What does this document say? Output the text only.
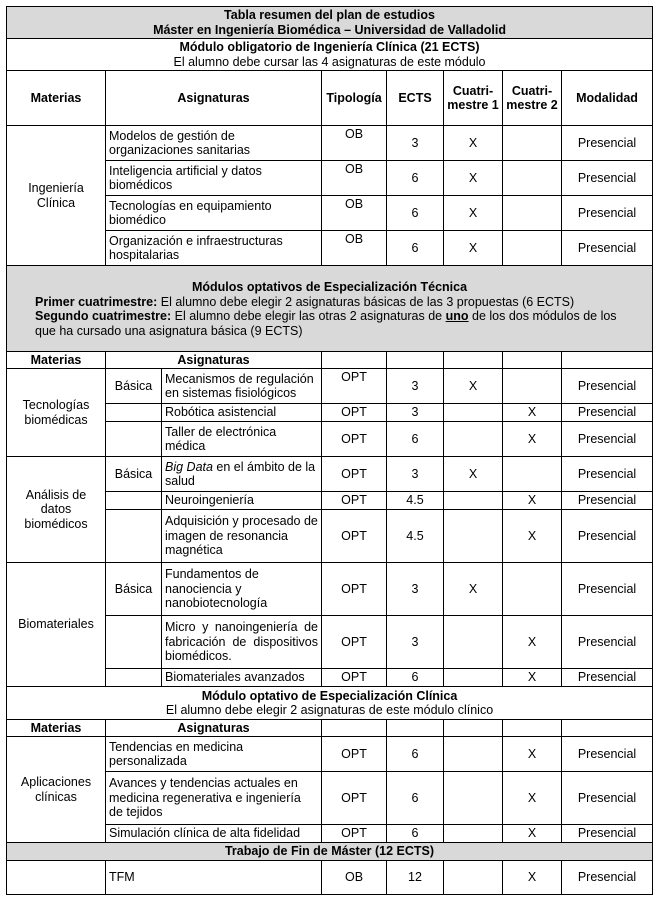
Tabla resumen del plan de estudios
Máster en Ingeniería Biomédica – Universidad de Valladolid							

Módulo obligatorio de Ingeniería Clínica (21 ECTS)
El alumno debe cursar las 4 asignaturas de este módulo							

Materias	Asignaturas		Tipología	ECTS	Cuatri-mestre 1	Cuatri-mestre 2	Modalidad
Ingeniería Clínica	Modelos de gestión de organizaciones sanitarias		OB	3	X		Presencial
	Inteligencia artificial y datos biomédicos		OB	6	X		Presencial
	Tecnologías en equipamiento biomédico		OB	6	X		Presencial
	Organización e infraestructuras hospitalarias		OB	6	X		Presencial

Módulos optativos de Especialización Técnica
Primer cuatrimestre: El alumno debe elegir 2 asignaturas básicas de las 3 propuestas (6 ECTS)
Segundo cuatrimestre: El alumno debe elegir las otras 2 asignaturas de uno de los dos módulos de los que ha cursado una asignatura básica (9 ECTS)							

Materias	Asignaturas						
Tecnologías biomédicas	Básica	Mecanismos de regulación en sistemas fisiológicos	OPT	3	X		Presencial
		Robótica asistencial	OPT	3		X	Presencial
		Taller de electrónica médica	OPT	6		X	Presencial
Análisis de datos biomédicos	Básica	Big Data en el ámbito de la salud	OPT	3	X		Presencial
		Neuroingeniería	OPT	4.5		X	Presencial
		Adquisición y procesado de imagen de resonancia magnética	OPT	4.5		X	Presencial
Biomateriales	Básica	Fundamentos de nanociencia y nanobiotecnología	OPT	3	X		Presencial
		Micro y nanoingeniería de fabricación de dispositivos biomédicos.	OPT	3		X	Presencial
		Biomateriales avanzados	OPT	6		X	Presencial

Módulo optativo de Especialización Clínica
El alumno debe elegir 2 asignaturas de este módulo clínico							

Materias	Asignaturas						
Aplicaciones clínicas	Tendencias en medicina personalizada		OPT	6		X	Presencial
	Avances y tendencias actuales en medicina regenerativa e ingeniería de tejidos		OPT	6		X	Presencial
	Simulación clínica de alta fidelidad		OPT	6		X	Presencial
Trabajo de Fin de Máster (12 ECTS)							
	TFM		OB	12		X	Presencial
